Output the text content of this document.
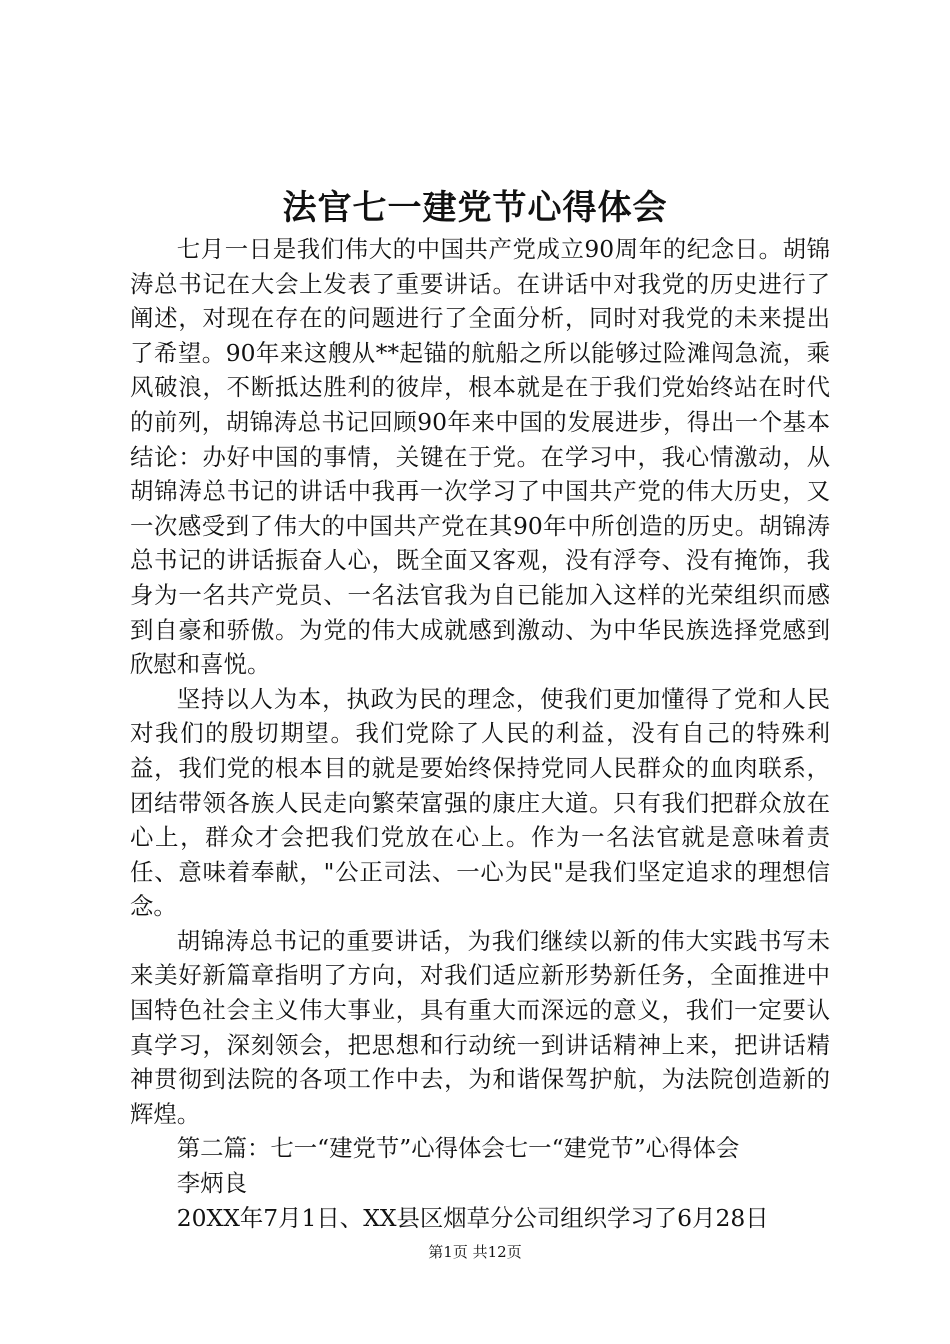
法官七一建党节心得体会

七月一日是我们伟大的中国共产党成立90周年的纪念日。胡锦涛总书记在大会上发表了重要讲话。在讲话中对我党的历史进行了阐述，对现在存在的问题进行了全面分析，同时对我党的未来提出了希望。90年来这艘从**起锚的航船之所以能够过险滩闯急流，乘风破浪，不断抵达胜利的彼岸，根本就是在于我们党始终站在时代的前列，胡锦涛总书记回顾90年来中国的发展进步，得出一个基本结论：办好中国的事情，关键在于党。在学习中，我心情激动，从胡锦涛总书记的讲话中我再一次学习了中国共产党的伟大历史，又一次感受到了伟大的中国共产党在其90年中所创造的历史。胡锦涛总书记的讲话振奋人心，既全面又客观，没有浮夸、没有掩饰，我身为一名共产党员、一名法官我为自已能加入这样的光荣组织而感到自豪和骄傲。为党的伟大成就感到激动、为中华民族选择党感到欣慰和喜悦。

坚持以人为本，执政为民的理念，使我们更加懂得了党和人民对我们的殷切期望。我们党除了人民的利益，没有自己的特殊利益，我们党的根本目的就是要始终保持党同人民群众的血肉联系，团结带领各族人民走向繁荣富强的康庄大道。只有我们把群众放在心上，群众才会把我们党放在心上。作为一名法官就是意味着责任、意味着奉献，"公正司法、一心为民"是我们坚定追求的理想信念。

胡锦涛总书记的重要讲话，为我们继续以新的伟大实践书写未来美好新篇章指明了方向，对我们适应新形势新任务，全面推进中国特色社会主义伟大事业，具有重大而深远的意义，我们一定要认真学习，深刻领会，把思想和行动统一到讲话精神上来，把讲话精神贯彻到法院的各项工作中去，为和谐保驾护航，为法院创造新的辉煌。

第二篇：七一“建党节”心得体会七一“建党节”心得体会

李炳良

20XX年7月1日、XX县区烟草分公司组织学习了6月28日

第1页 共12页
